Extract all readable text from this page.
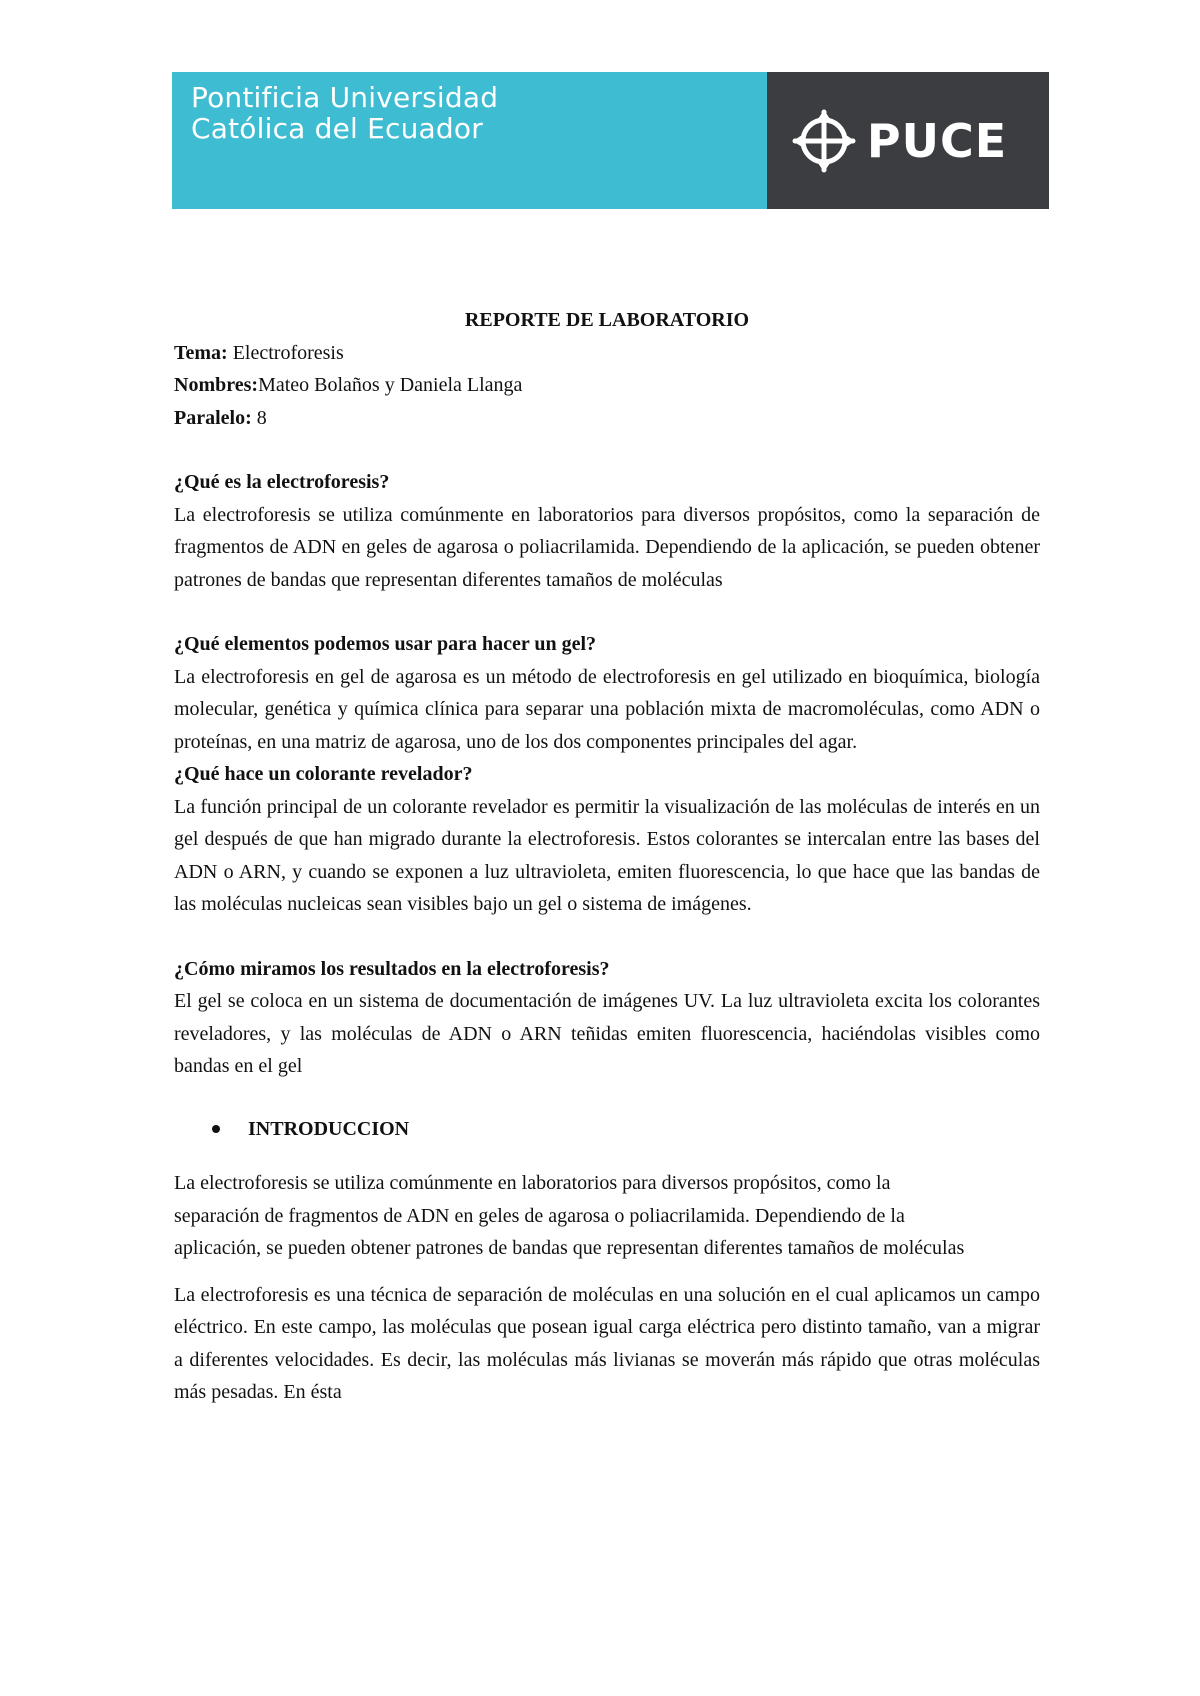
Pontificia Universidad
Católica del Ecuador	PUCE

REPORTE DE LABORATORIO

Tema: Electroforesis

Nombres:Mateo Bolaños y Daniela Llanga

Paralelo: 8

¿Qué es la electroforesis?

La electroforesis se utiliza comúnmente en laboratorios para diversos propósitos, como la separación de fragmentos de ADN en geles de agarosa o poliacrilamida. Dependiendo de la aplicación, se pueden obtener patrones de bandas que representan diferentes tamaños de moléculas

¿Qué elementos podemos usar para hacer un gel?

La electroforesis en gel de agarosa es un método de electroforesis en gel utilizado en bioquímica, biología molecular, genética y química clínica para separar una población mixta de macromoléculas, como ADN o proteínas, en una matriz de agarosa, uno de los dos componentes principales del agar.

¿Qué hace un colorante revelador?

La función principal de un colorante revelador es permitir la visualización de las moléculas de interés en un gel después de que han migrado durante la electroforesis. Estos colorantes se intercalan entre las bases del ADN o ARN, y cuando se exponen a luz ultravioleta, emiten fluorescencia, lo que hace que las bandas de las moléculas nucleicas sean visibles bajo un gel o sistema de imágenes.

¿Cómo miramos los resultados en la electroforesis?

El gel se coloca en un sistema de documentación de imágenes UV. La luz ultravioleta excita los colorantes reveladores, y las moléculas de ADN o ARN teñidas emiten fluorescencia, haciéndolas visibles como bandas en el gel

INTRODUCCION

La electroforesis se utiliza comúnmente en laboratorios para diversos propósitos, como la separación de fragmentos de ADN en geles de agarosa o poliacrilamida. Dependiendo de la aplicación, se pueden obtener patrones de bandas que representan diferentes tamaños de moléculas

La electroforesis es una técnica de separación de moléculas en una solución en el cual aplicamos un campo eléctrico. En este campo, las moléculas que posean igual carga eléctrica pero distinto tamaño, van a migrar a diferentes velocidades. Es decir, las moléculas más livianas se moverán más rápido que otras moléculas más pesadas. En ésta
